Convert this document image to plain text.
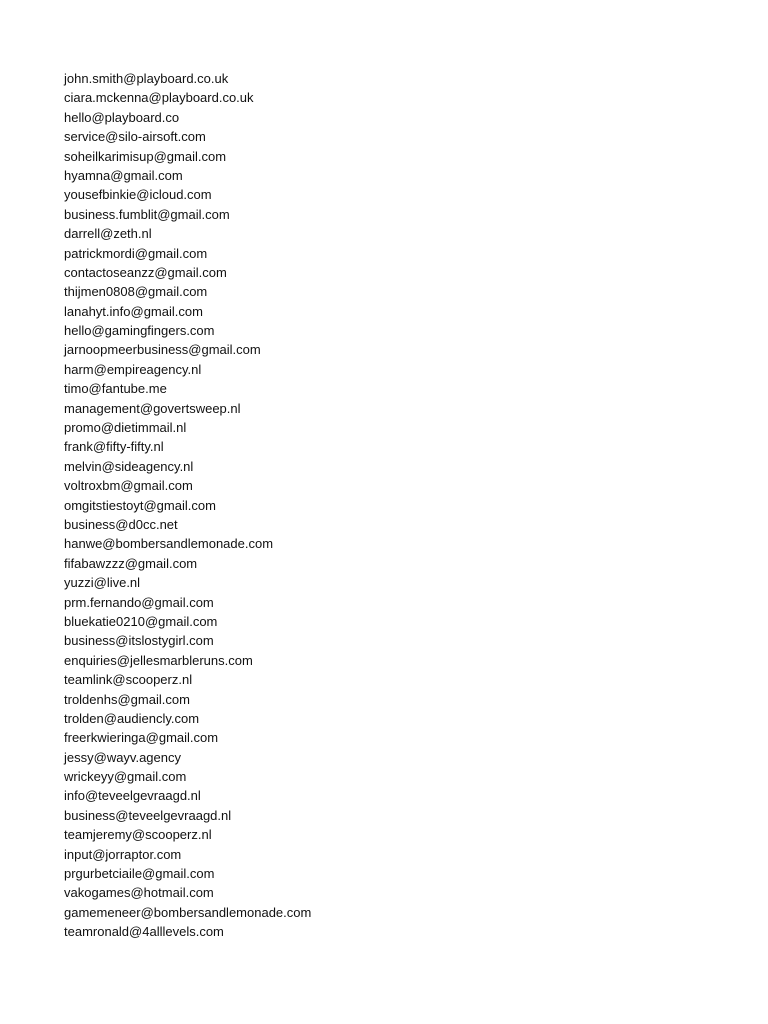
john.smith@playboard.co.uk
ciara.mckenna@playboard.co.uk
hello@playboard.co
service@silo-airsoft.com
soheilkarimisup@gmail.com
hyamna@gmail.com
yousefbinkie@icloud.com
business.fumblit@gmail.com
darrell@zeth.nl
patrickmordi@gmail.com
contactoseanzz@gmail.com
thijmen0808@gmail.com
lanahyt.info@gmail.com
hello@gamingfingers.com
jarnoopmeerbusiness@gmail.com
harm@empireagency.nl
timo@fantube.me
management@govertsweep.nl
promo@dietimmail.nl
frank@fifty-fifty.nl
melvin@sideagency.nl
voltroxbm@gmail.com
omgitstiestoyt@gmail.com
business@d0cc.net
hanwe@bombersandlemonade.com
fifabawzzz@gmail.com
yuzzi@live.nl
prm.fernando@gmail.com
bluekatie0210@gmail.com
business@itslostygirl.com
enquiries@jellesmarbleruns.com
teamlink@scooperz.nl
troldenhs@gmail.com
trolden@audiencly.com
freerkwieringa@gmail.com
jessy@wayv.agency
wrickeyy@gmail.com
info@teveelgevraagd.nl
business@teveelgevraagd.nl
teamjeremy@scooperz.nl
input@jorraptor.com
prgurbetciaile@gmail.com
vakogames@hotmail.com
gamemeneer@bombersandlemonade.com
teamronald@4alllevels.com
